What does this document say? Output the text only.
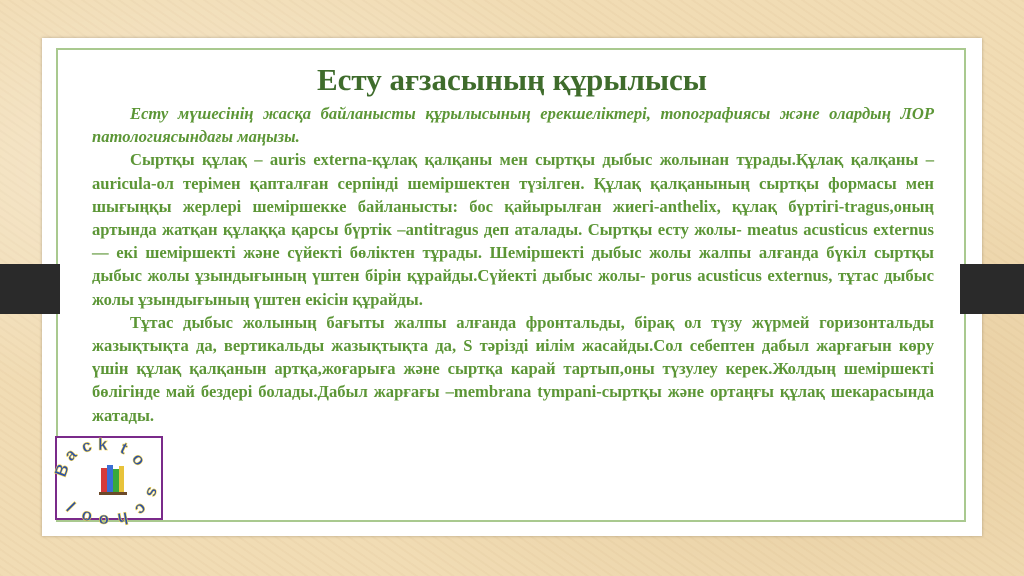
Есту ағзасының құрылысы

Есту мүшесінің жасқа байланысты құрылысының ерекшеліктері, топографиясы және олардың ЛОР патологиясындағы маңызы.

Сыртқы құлақ – auris externa-құлақ қалқаны мен сыртқы дыбыс жолынан тұрады.Құлақ қалқаны –auricula-ол терімен қапталған серпінді шеміршектен түзілген. Құлақ қалқанының сыртқы формасы мен шығыңқы жерлері шеміршекке байланысты: бос қайырылған жиегі-anthelix, құлақ бүртігі-tragus,оның артында жатқан құлаққа қарсы бүртік –antitragus деп аталады. Сыртқы есту жолы- meatus acusticus externus — екі шеміршекті және сүйекті бөліктен тұрады. Шеміршекті дыбыс жолы жалпы алғанда бүкіл сыртқы дыбыс жолы ұзындығының үштен бірін құрайды.Сүйекті дыбыс жолы- porus acusticus externus, тұтас дыбыс жолы ұзындығының үштен екісін құрайды.

Тұтас дыбыс жолының бағыты жалпы алғанда фронтальды, бірақ ол түзу жүрмей горизонтальды жазықтықта да, вертикальды жазықтықта да, S тәрізді иілім жасайды.Сол себептен дабыл жарғағын көру үшін құлақ қалқанын артқа,жоғарыға және сыртқа карай тартып,оны түзулеу керек.Жолдың шеміршекті бөлігінде май бездері болады.Дабыл жарғағы –membrana tympani-сыртқы және ортаңғы құлақ шекарасында жатады.

B
a
c k t
o
s
c
h
o
o
l
